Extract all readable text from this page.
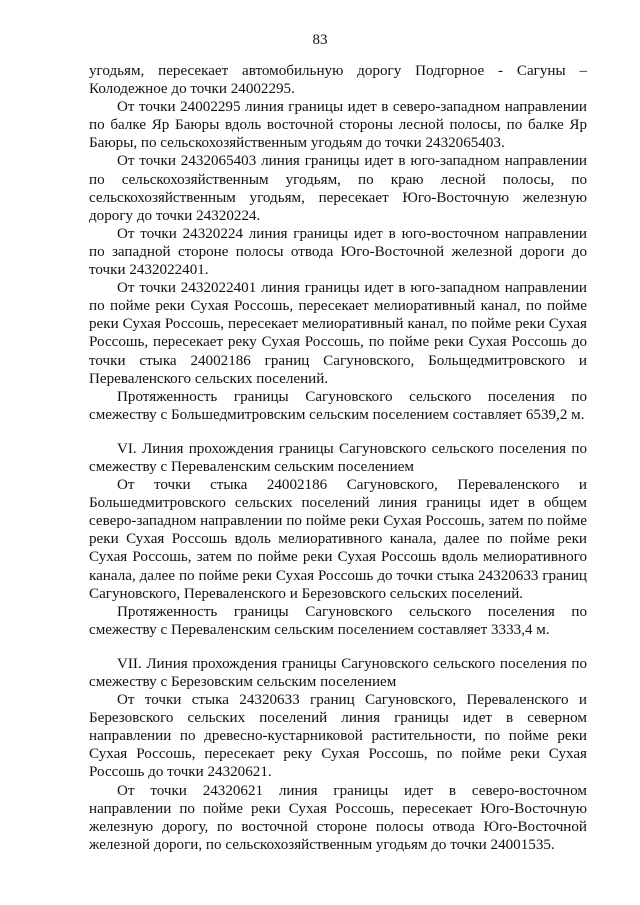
83

угодьям, пересекает автомобильную дорогу Подгорное - Сагуны – Колодежное до точки 24002295.

От точки 24002295 линия границы идет в северо-западном направлении по балке Яр Баюры вдоль восточной стороны лесной полосы, по балке Яр Баюры, по сельскохозяйственным угодьям до точки 2432065403.

От точки 2432065403 линия границы идет в юго-западном направлении по сельскохозяйственным угодьям, по краю лесной полосы, по сельскохозяйственным угодьям, пересекает Юго-Восточную железную дорогу до точки 24320224.

От точки 24320224 линия границы идет в юго-восточном направлении по западной стороне полосы отвода Юго-Восточной железной дороги до точки 2432022401.

От точки 2432022401 линия границы идет в юго-западном направлении по пойме реки Сухая Россошь, пересекает мелиоративный канал, по пойме реки Сухая Россошь, пересекает мелиоративный канал, по пойме реки Сухая Россошь, пересекает реку Сухая Россошь, по пойме реки Сухая Россошь до точки стыка 24002186 границ Сагуновского, Больщедмитровского и Переваленского сельских поселений.

Протяженность границы Сагуновского сельского поселения по смежеству с Большедмитровским сельским поселением составляет 6539,2 м.

VI. Линия прохождения границы Сагуновского сельского поселения по смежеству с Переваленским сельским поселением

От точки стыка 24002186 Сагуновского, Переваленского и Большедмитровского сельских поселений линия границы идет в общем северо-западном направлении по пойме реки Сухая Россошь, затем по пойме реки Сухая Россошь вдоль мелиоративного канала, далее по пойме реки Сухая Россошь, затем по пойме реки Сухая Россошь вдоль мелиоративного канала, далее по пойме реки Сухая Россошь до точки стыка 24320633 границ Сагуновского, Переваленского и Березовского сельских поселений.

Протяженность границы Сагуновского сельского поселения по смежеству с Переваленским сельским поселением составляет 3333,4 м.

VII. Линия прохождения границы Сагуновского сельского поселения по смежеству с Березовским сельским поселением

От точки стыка 24320633 границ Сагуновского, Переваленского и Березовского сельских поселений линия границы идет в северном направлении по древесно-кустарниковой растительности, по пойме реки Сухая Россошь, пересекает реку Сухая Россошь, по пойме реки Сухая Россошь до точки 24320621.

От точки 24320621 линия границы идет в северо-восточном направлении по пойме реки Сухая Россошь, пересекает Юго-Восточную железную дорогу, по восточной стороне полосы отвода Юго-Восточной железной дороги, по сельскохозяйственным угодьям до точки 24001535.
